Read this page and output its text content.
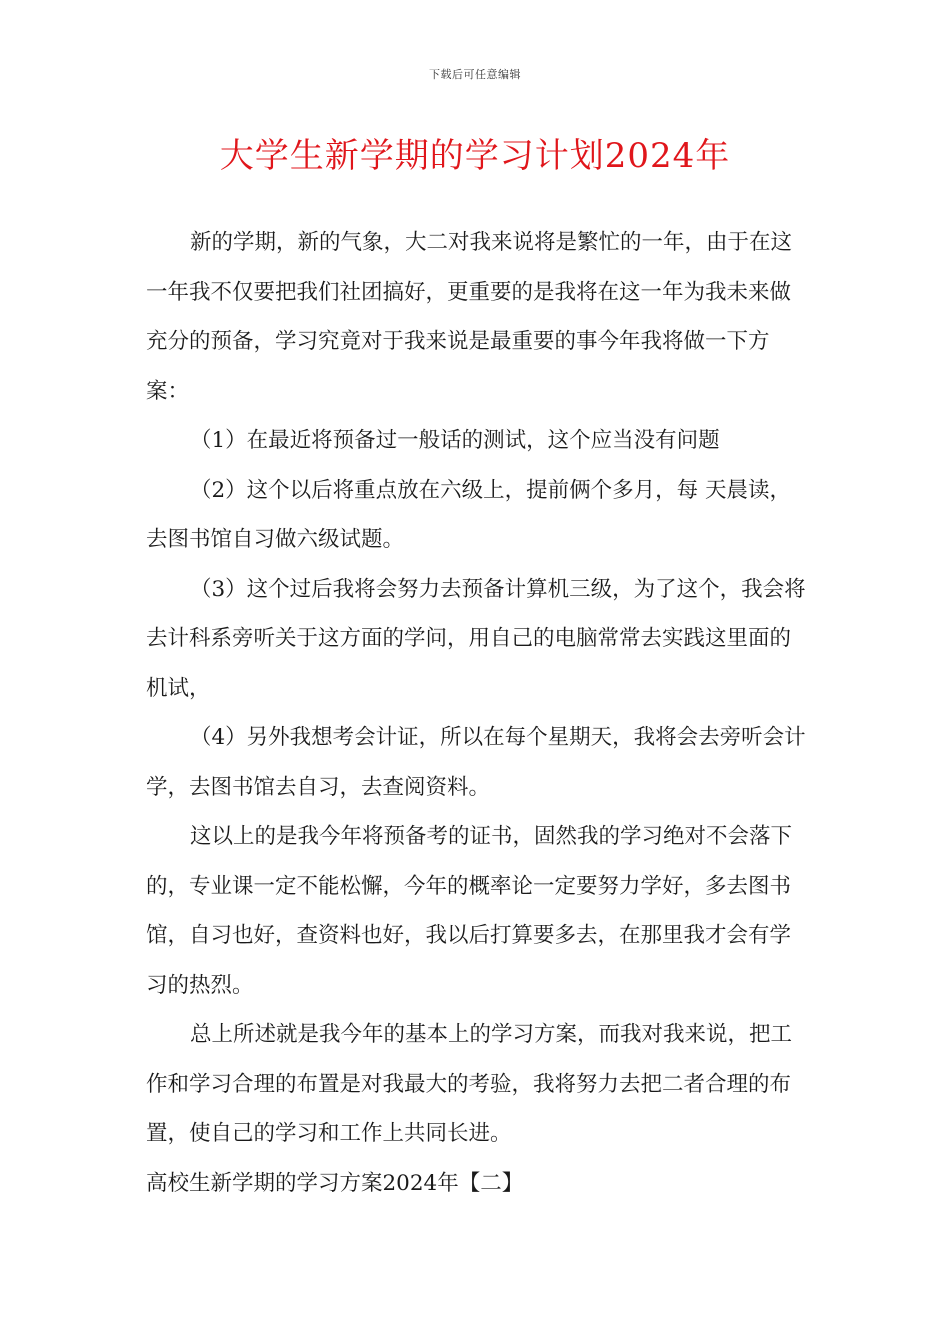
下载后可任意编辑
大学生新学期的学习计划2024年

新的学期，新的气象，大二对我来说将是繁忙的一年，由于在这一年我不仅要把我们社团搞好，更重要的是我将在这一年为我未来做充分的预备，学习究竟对于我来说是最重要的事今年我将做一下方案：

（1）在最近将预备过一般话的测试，这个应当没有问题

（2）这个以后将重点放在六级上，提前俩个多月，每 天晨读，去图书馆自习做六级试题。

（3）这个过后我将会努力去预备计算机三级，为了这个，我会将去计科系旁听关于这方面的学问，用自己的电脑常常去实践这里面的机试，

（4）另外我想考会计证，所以在每个星期天，我将会去旁听会计学，去图书馆去自习，去查阅资料。

这以上的是我今年将预备考的证书，固然我的学习绝对不会落下的，专业课一定不能松懈，今年的概率论一定要努力学好，多去图书馆，自习也好，查资料也好，我以后打算要多去，在那里我才会有学习的热烈。

总上所述就是我今年的基本上的学习方案，而我对我来说，把工作和学习合理的布置是对我最大的考验，我将努力去把二者合理的布置，使自己的学习和工作上共同长进。

高校生新学期的学习方案2024年【二】
